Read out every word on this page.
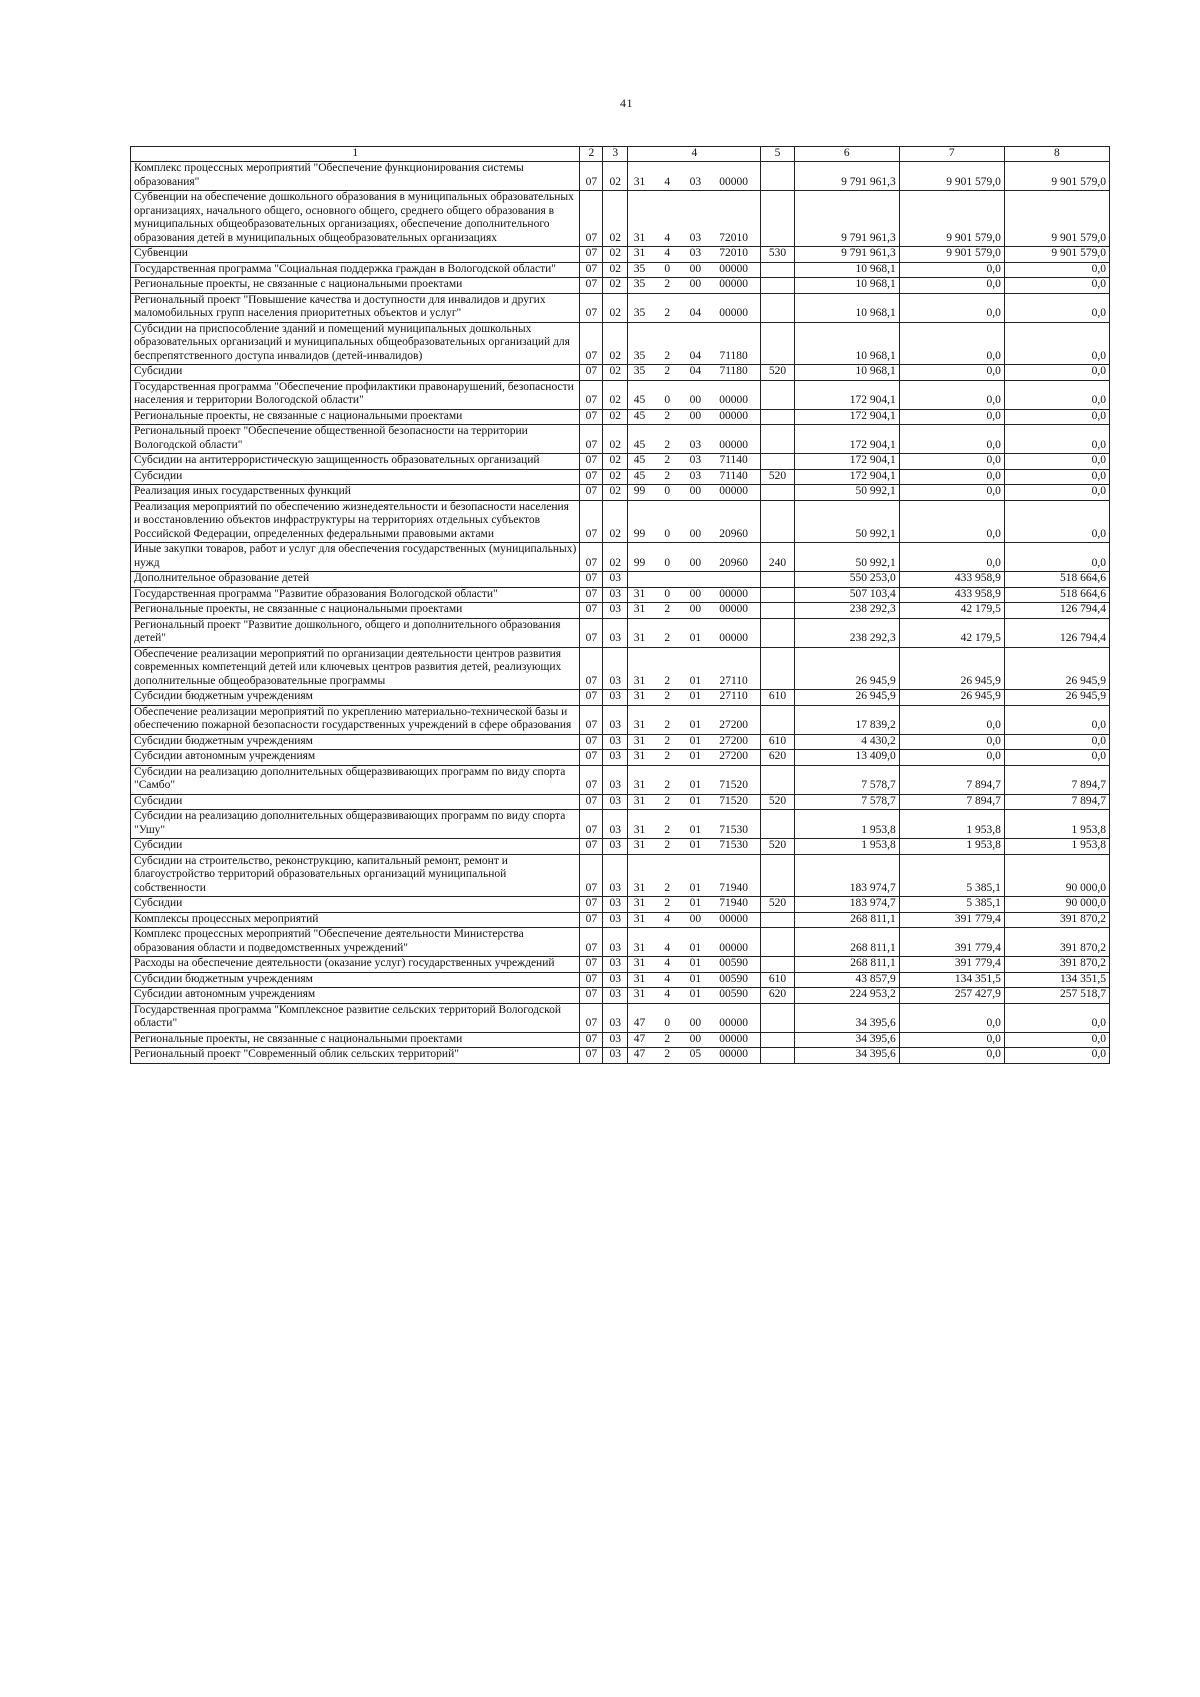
41
1	2	3	4				5	6	7	8
Комплекс процессных мероприятий "Обеспечение функционирования системы образования"	07	02	31	4	03	00000		9 791 961,3	9 901 579,0	9 901 579,0
Субвенции на обеспечение дошкольного образования в муниципальных образовательных организациях, начального общего, основного общего, среднего общего образования в муниципальных общеобразовательных организациях, обеспечение дополнительного образования детей в муниципальных общеобразовательных организациях	07	02	31	4	03	72010		9 791 961,3	9 901 579,0	9 901 579,0
Субвенции	07	02	31	4	03	72010	530	9 791 961,3	9 901 579,0	9 901 579,0
Государственная программа "Социальная поддержка граждан в Вологодской области"	07	02	35	0	00	00000		10 968,1	0,0	0,0
Региональные проекты, не связанные с национальными проектами	07	02	35	2	00	00000		10 968,1	0,0	0,0
Региональный проект "Повышение качества и доступности для инвалидов и других маломобильных групп населения приоритетных объектов и услуг"	07	02	35	2	04	00000		10 968,1	0,0	0,0
Субсидии на приспособление зданий и помещений муниципальных дошкольных образовательных организаций и муниципальных общеобразовательных организаций для беспрепятственного доступа инвалидов (детей-инвалидов)	07	02	35	2	04	71180		10 968,1	0,0	0,0
Субсидии	07	02	35	2	04	71180	520	10 968,1	0,0	0,0
Государственная программа "Обеспечение профилактики правонарушений, безопасности населения и территории Вологодской области"	07	02	45	0	00	00000		172 904,1	0,0	0,0
Региональные проекты, не связанные с национальными проектами	07	02	45	2	00	00000		172 904,1	0,0	0,0
Региональный проект "Обеспечение общественной безопасности на территории Вологодской области"	07	02	45	2	03	00000		172 904,1	0,0	0,0
Субсидии на антитеррористическую защищенность образовательных организаций	07	02	45	2	03	71140		172 904,1	0,0	0,0
Субсидии	07	02	45	2	03	71140	520	172 904,1	0,0	0,0
Реализация иных государственных функций	07	02	99	0	00	00000		50 992,1	0,0	0,0
Реализация мероприятий по обеспечению жизнедеятельности и безопасности населения и восстановлению объектов инфраструктуры на территориях отдельных субъектов Российской Федерации, определенных федеральными правовыми актами	07	02	99	0	00	20960		50 992,1	0,0	0,0
Иные закупки товаров, работ и услуг для обеспечения государственных (муниципальных) нужд	07	02	99	0	00	20960	240	50 992,1	0,0	0,0
Дополнительное образование детей	07	03						550 253,0	433 958,9	518 664,6
Государственная программа "Развитие образования Вологодской области"	07	03	31	0	00	00000		507 103,4	433 958,9	518 664,6
Региональные проекты, не связанные с национальными проектами	07	03	31	2	00	00000		238 292,3	42 179,5	126 794,4
Региональный проект "Развитие дошкольного, общего и дополнительного образования детей"	07	03	31	2	01	00000		238 292,3	42 179,5	126 794,4
Обеспечение реализации мероприятий по организации деятельности центров развития современных компетенций детей или ключевых центров развития детей, реализующих дополнительные общеобразовательные программы	07	03	31	2	01	27110		26 945,9	26 945,9	26 945,9
Субсидии бюджетным учреждениям	07	03	31	2	01	27110	610	26 945,9	26 945,9	26 945,9
Обеспечение реализации мероприятий по укреплению материально-технической базы и обеспечению пожарной безопасности государственных учреждений в сфере образования	07	03	31	2	01	27200		17 839,2	0,0	0,0
Субсидии бюджетным учреждениям	07	03	31	2	01	27200	610	4 430,2	0,0	0,0
Субсидии автономным учреждениям	07	03	31	2	01	27200	620	13 409,0	0,0	0,0
Субсидии на реализацию дополнительных общеразвивающих программ по виду спорта "Самбо"	07	03	31	2	01	71520		7 578,7	7 894,7	7 894,7
Субсидии	07	03	31	2	01	71520	520	7 578,7	7 894,7	7 894,7
Субсидии на реализацию дополнительных общеразвивающих программ по виду спорта "Ушу"	07	03	31	2	01	71530		1 953,8	1 953,8	1 953,8
Субсидии	07	03	31	2	01	71530	520	1 953,8	1 953,8	1 953,8
Субсидии на строительство, реконструкцию, капитальный ремонт, ремонт и благоустройство территорий образовательных организаций муниципальной собственности	07	03	31	2	01	71940		183 974,7	5 385,1	90 000,0
Субсидии	07	03	31	2	01	71940	520	183 974,7	5 385,1	90 000,0
Комплексы процессных мероприятий	07	03	31	4	00	00000		268 811,1	391 779,4	391 870,2
Комплекс процессных мероприятий "Обеспечение деятельности Министерства образования области и подведомственных учреждений"	07	03	31	4	01	00000		268 811,1	391 779,4	391 870,2
Расходы на обеспечение деятельности (оказание услуг) государственных учреждений	07	03	31	4	01	00590		268 811,1	391 779,4	391 870,2
Субсидии бюджетным учреждениям	07	03	31	4	01	00590	610	43 857,9	134 351,5	134 351,5
Субсидии автономным учреждениям	07	03	31	4	01	00590	620	224 953,2	257 427,9	257 518,7
Государственная программа "Комплексное развитие сельских территорий Вологодской области"	07	03	47	0	00	00000		34 395,6	0,0	0,0
Региональные проекты, не связанные с национальными проектами	07	03	47	2	00	00000		34 395,6	0,0	0,0
Региональный проект "Современный облик сельских территорий"	07	03	47	2	05	00000		34 395,6	0,0	0,0
